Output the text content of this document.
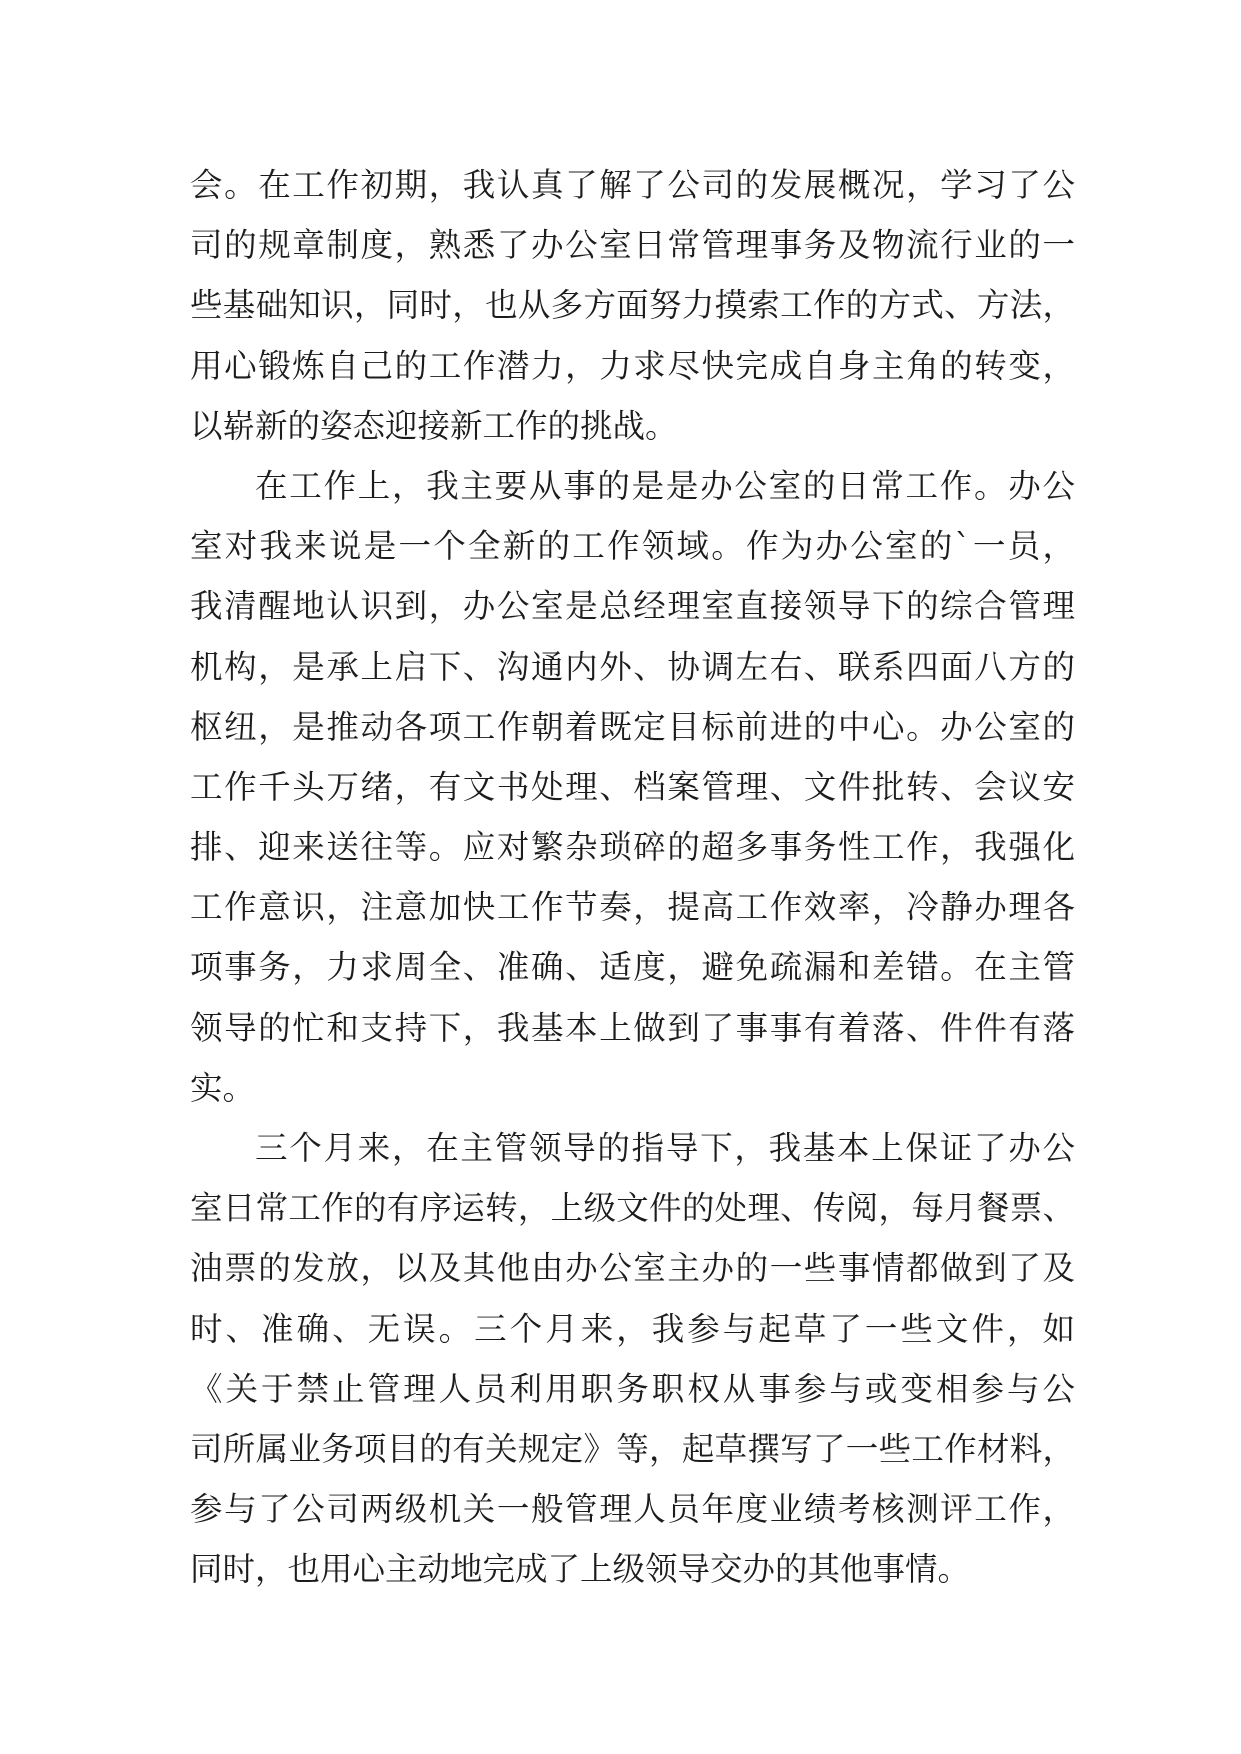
会。在工作初期，我认真了解了公司的发展概况，学习了公
司的规章制度，熟悉了办公室日常管理事务及物流行业的一
些基础知识，同时，也从多方面努力摸索工作的方式、方法，
用心锻炼自己的工作潜力，力求尽快完成自身主角的转变，
以崭新的姿态迎接新工作的挑战。
在工作上，我主要从事的是是办公室的日常工作。办公
室对我来说是一个全新的工作领域。作为办公室的`一员，
我清醒地认识到，办公室是总经理室直接领导下的综合管理
机构，是承上启下、沟通内外、协调左右、联系四面八方的
枢纽，是推动各项工作朝着既定目标前进的中心。办公室的
工作千头万绪，有文书处理、档案管理、文件批转、会议安
排、迎来送往等。应对繁杂琐碎的超多事务性工作，我强化
工作意识，注意加快工作节奏，提高工作效率，冷静办理各
项事务，力求周全、准确、适度，避免疏漏和差错。在主管
领导的忙和支持下，我基本上做到了事事有着落、件件有落
实。
三个月来，在主管领导的指导下，我基本上保证了办公
室日常工作的有序运转，上级文件的处理、传阅，每月餐票、
油票的发放，以及其他由办公室主办的一些事情都做到了及
时、准确、无误。三个月来，我参与起草了一些文件，如
《关于禁止管理人员利用职务职权从事参与或变相参与公
司所属业务项目的有关规定》等，起草撰写了一些工作材料，
参与了公司两级机关一般管理人员年度业绩考核测评工作，
同时，也用心主动地完成了上级领导交办的其他事情。
